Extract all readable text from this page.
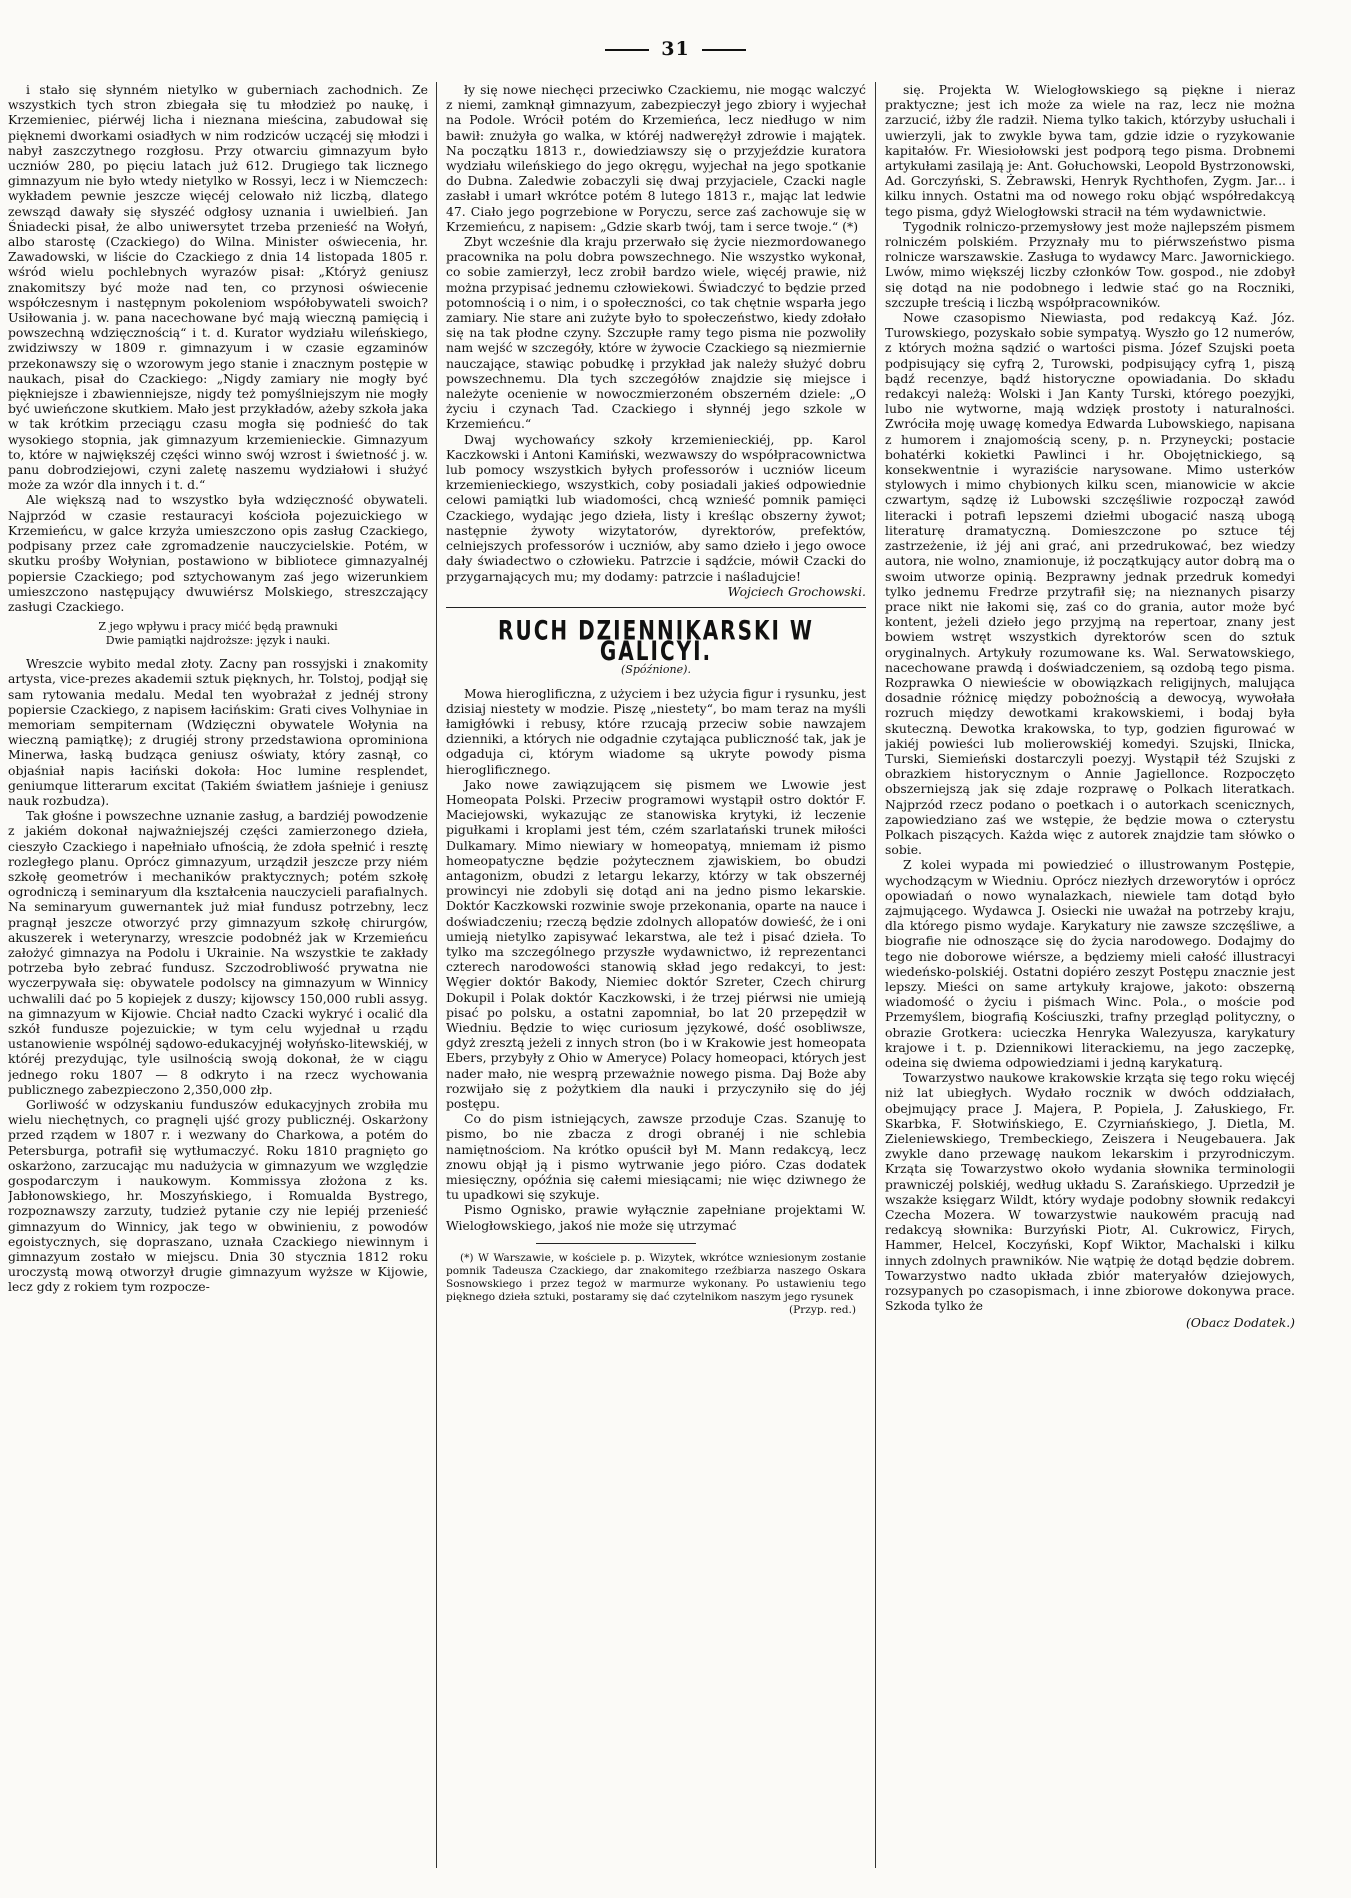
31

i stało się słynném nietylko w guberniach zachodnich. Ze wszystkich tych stron zbiegała się tu młodzież po naukę, i Krzemieniec, piérwéj licha i nieznana mieścina, zabudował się pięknemi dworkami osiadłych w nim rodziców uczącéj się młodzi i nabył zaszczytnego rozgłosu. Przy otwarciu gimnazyum było uczniów 280, po pięciu latach już 612. Drugiego tak licznego gimnazyum nie było wtedy nietylko w Rossyi, lecz i w Niemczech: wykładem pewnie jeszcze więcéj celowało niż liczbą, dlatego zewsząd dawały się słyszéć odgłosy uznania i uwielbień. Jan Śniadecki pisał, że albo uniwersytet trzeba przenieść na Wołyń, albo starostę (Czackiego) do Wilna. Minister oświecenia, hr. Zawadowski, w liście do Czackiego z dnia 14 listopada 1805 r. wśród wielu pochlebnych wyrazów pisał: „Któryż geniusz znakomitszy być może nad ten, co przynosi oświecenie współczesnym i następnym pokoleniom współobywateli swoich? Usiłowania j. w. pana nacechowane być mają wieczną pamięcią i powszechną wdzięcznością“ i t. d. Kurator wydziału wileńskiego, zwidziwszy w 1809 r. gimnazyum i w czasie egzaminów przekonawszy się o wzorowym jego stanie i znacznym postępie w naukach, pisał do Czackiego: „Nigdy zamiary nie mogły być piękniejsze i zbawienniejsze, nigdy też pomyślniejszym nie mogły być uwieńczone skutkiem. Mało jest przykładów, ażeby szkoła jaka w tak krótkim przeciągu czasu mogła się podnieść do tak wysokiego stopnia, jak gimnazyum krzemienieckie. Gimnazyum to, które w największéj części winno swój wzrost i świetność j. w. panu dobrodziejowi, czyni zaletę naszemu wydziałowi i służyć może za wzór dla innych i t. d.“

Ale większą nad to wszystko była wdzięczność obywateli. Najprzód w czasie restauracyi kościoła pojezuickiego w Krzemieńcu, w galce krzyża umieszczono opis zasług Czackiego, podpisany przez całe zgromadzenie nauczycielskie. Potém, w skutku prośby Wołynian, postawiono w bibliotece gimnazyalnéj popiersie Czackiego; pod sztychowanym zaś jego wizerunkiem umieszczono następujący dwuwiérsz Molskiego, streszczający zasługi Czackiego.

Z jego wpływu i pracy mićć będą prawnuki
Dwie pamiątki najdroższe: język i nauki.

Wreszcie wybito medal złoty. Zacny pan rossyjski i znakomity artysta, vice-prezes akademii sztuk pięknych, hr. Tolstoj, podjął się sam rytowania medalu. Medal ten wyobrażał z jednéj strony popiersie Czackiego, z napisem łacińskim: Grati cives Volhyniae in memoriam sempiternam (Wdzięczni obywatele Wołynia na wieczną pamiątkę); z drugiéj strony przedstawiona oprominiona Minerwa, łaską budząca geniusz oświaty, który zasnął, co objaśniał napis łaciński dokoła: Hoc lumine resplendet, geniumque litterarum excitat (Takiém światłem jaśnieje i geniusz nauk rozbudza).

Tak głośne i powszechne uznanie zasług, a bardziéj powodzenie z jakiém dokonał najważniejszéj części zamierzonego dzieła, cieszyło Czackiego i napełniało ufnością, że zdoła spełnić i resztę rozległego planu. Oprócz gimnazyum, urządził jeszcze przy niém szkołę geometrów i mechaników praktycznych; potém szkołę ogrodniczą i seminaryum dla kształcenia nauczycieli parafialnych. Na seminaryum guwernantek już miał fundusz potrzebny, lecz pragnął jeszcze otworzyć przy gimnazyum szkołę chirurgów, akuszerek i weterynarzy, wreszcie podobnéż jak w Krzemieńcu założyć gimnazya na Podolu i Ukrainie. Na wszystkie te zakłady potrzeba było zebrać fundusz. Szczodrobliwość prywatna nie wyczerpywała się: obywatele podolscy na gimnazyum w Winnicy uchwalili dać po 5 kopiejek z duszy; kijowscy 150,000 rubli assyg. na gimnazyum w Kijowie. Chciał nadto Czacki wykryć i ocalić dla szkół fundusze pojezuickie; w tym celu wyjednał u rządu ustanowienie wspólnéj sądowo-edukacyjnéj wołyńsko-litewskiéj, w któréj prezydując, tyle usilnością swoją dokonał, że w ciągu jednego roku 1807 — 8 odkryto i na rzecz wychowania publicznego zabezpieczono 2,350,000 złp.

Gorliwość w odzyskaniu funduszów edukacyjnych zrobiła mu wielu niechętnych, co pragnęli ujść grozy publicznéj. Oskarżony przed rządem w 1807 r. i wezwany do Charkowa, a potém do Petersburga, potrafił się wytłumaczyć. Roku 1810 pragnięto go oskarżono, zarzucając mu nadużycia w gimnazyum we względzie gospodarczym i naukowym. Kommissya złożona z ks. Jabłonowskiego, hr. Moszyńskiego, i Romualda Bystrego, rozpoznawszy zarzuty, tudzież pytanie czy nie lepiéj przenieść gimnazyum do Winnicy, jak tego w obwinieniu, z powodów egoistycznych, się dopraszano, uznała Czackiego niewinnym i gimnazyum zostało w miejscu. Dnia 30 stycznia 1812 roku uroczystą mową otworzył drugie gimnazyum wyższe w Kijowie, lecz gdy z rokiem tym rozpocze-

ły się nowe niechęci przeciwko Czackiemu, nie mogąc walczyć z niemi, zamknął gimnazyum, zabezpieczył jego zbiory i wyjechał na Podole. Wrócił potém do Krzemieńca, lecz niedługo w nim bawił: znużyła go walka, w któréj nadwerężył zdrowie i majątek. Na początku 1813 r., dowiedziawszy się o przyjeździe kuratora wydziału wileńskiego do jego okręgu, wyjechał na jego spotkanie do Dubna. Zaledwie zobaczyli się dwaj przyjaciele, Czacki nagle zasłabł i umarł wkrótce potém 8 lutego 1813 r., mając lat ledwie 47. Ciało jego pogrzebione w Poryczu, serce zaś zachowuje się w Krzemieńcu, z napisem: „Gdzie skarb twój, tam i serce twoje.“ (*)

Zbyt wcześnie dla kraju przerwało się życie niezmordowanego pracownika na polu dobra powszechnego. Nie wszystko wykonał, co sobie zamierzył, lecz zrobił bardzo wiele, więcéj prawie, niż można przypisać jednemu człowiekowi. Świadczyć to będzie przed potomnością i o nim, i o społeczności, co tak chętnie wsparła jego zamiary. Nie stare ani zużyte było to społeczeństwo, kiedy zdołało się na tak płodne czyny. Szczupłe ramy tego pisma nie pozwoliły nam wejść w szczegóły, które w żywocie Czackiego są niezmiernie nauczające, stawiąc pobudkę i przykład jak należy służyć dobru powszechnemu. Dla tych szczegółów znajdzie się miejsce i należyte ocenienie w nowoczmierzoném obszerném dziele: „O życiu i czynach Tad. Czackiego i słynnéj jego szkole w Krzemieńcu.“

Dwaj wychowańcy szkoły krzemienieckiéj, pp. Karol Kaczkowski i Antoni Kamiński, wezwawszy do współpracownictwa lub pomocy wszystkich byłych professorów i uczniów liceum krzemienieckiego, wszystkich, coby posiadali jakieś odpowiednie celowi pamiątki lub wiadomości, chcą wznieść pomnik pamięci Czackiego, wydając jego dzieła, listy i kreśląc obszerny żywot; następnie żywoty wizytatorów, dyrektorów, prefektów, celniejszych professorów i uczniów, aby samo dzieło i jego owoce dały świadectwo o człowieku. Patrzcie i sądźcie, mówił Czacki do przygarnających mu; my dodamy: patrzcie i naśladujcie!

Wojciech Grochowski.

RUCH DZIENNIKARSKI W GALICYI.
(Spóźnione).

Mowa hieroglificzna, z użyciem i bez użycia figur i rysunku, jest dzisiaj niestety w modzie. Piszę „niestety“, bo mam teraz na myśli łamigłówki i rebusy, które rzucają przeciw sobie nawzajem dzienniki, a których nie odgadnie czytająca publiczność tak, jak je odgaduja ci, którym wiadome są ukryte powody pisma hieroglificznego.

Jako nowe zawiązującem się pismem we Lwowie jest Homeopata Polski. Przeciw programowi wystąpił ostro doktór F. Maciejowski, wykazując ze stanowiska krytyki, iż leczenie pigułkami i kroplami jest tém, czém szarlatański trunek miłości Dulkamary. Mimo niewiary w homeopatyą, mniemam iż pismo homeopatyczne będzie pożytecznem zjawiskiem, bo obudzi antagonizm, obudzi z letargu lekarzy, którzy w tak obszernéj prowincyi nie zdobyli się dotąd ani na jedno pismo lekarskie. Doktór Kaczkowski rozwinie swoje przekonania, oparte na nauce i doświadczeniu; rzeczą będzie zdolnych allopatów dowieść, że i oni umieją nietylko zapisywać lekarstwa, ale też i pisać dzieła. To tylko ma szczególnego przyszłe wydawnictwo, iż reprezentanci czterech narodowości stanowią skład jego redakcyi, to jest: Węgier doktór Bakody, Niemiec doktór Szreter, Czech chirurg Dokupil i Polak doktór Kaczkowski, i że trzej piérwsi nie umieją pisać po polsku, a ostatni zapomniał, bo lat 20 przepędził w Wiedniu. Będzie to więc curiosum językowé, dość osobliwsze, gdyż zresztą jeżeli z innych stron (bo i w Krakowie jest homeopata Ebers, przybyły z Ohio w Ameryce) Polacy homeopaci, których jest nader mało, nie wesprą przeważnie nowego pisma. Daj Boże aby rozwijało się z pożytkiem dla nauki i przyczyniło się do jéj postępu.

Co do pism istniejących, zawsze przoduje Czas. Szanuję to pismo, bo nie zbacza z drogi obranéj i nie schlebia namiętnościom. Na krótko opuścił był M. Mann redakcyą, lecz znowu objął ją i pismo wytrwanie jego pióro. Czas dodatek miesięczny, opóźnia się całemi miesiącami; nie więc dziwnego że tu upadkowi się szykuje.

Pismo Ognisko, prawie wyłącznie zapełniane projektami W. Wielogłowskiego, jakoś nie może się utrzymać

(*) W Warszawie, w kościele p. p. Wizytek, wkrótce wzniesionym zostanie pomnik Tadeusza Czackiego, dar znakomitego rzeźbiarza naszego Oskara Sosnowskiego i przez tegoż w marmurze wykonany. Po ustawieniu tego pięknego dzieła sztuki, postaramy się dać czytelnikom naszym jego rysunek

(Przyp. red.)

się. Projekta W. Wielogłowskiego są piękne i nieraz praktyczne; jest ich może za wiele na raz, lecz nie można zarzucić, iżby źle radził. Niema tylko takich, którzyby usłuchali i uwierzyli, jak to zwykle bywa tam, gdzie idzie o ryzykowanie kapitałów. Fr. Wiesiołowski jest podporą tego pisma. Drobnemi artykułami zasilają je: Ant. Gołuchowski, Leopold Bystrzonowski, Ad. Gorczyński, S. Żebrawski, Henryk Rychthofen, Zygm. Jar... i kilku innych. Ostatni ma od nowego roku objąć współredakcyą tego pisma, gdyż Wielogłowski stracił na tém wydawnictwie.

Tygodnik rolniczo-przemysłowy jest może najlepszém pismem rolniczém polskiém. Przyznały mu to piérwszeństwo pisma rolnicze warszawskie. Zasługa to wydawcy Marc. Jawornickiego. Lwów, mimo większéj liczby członków Tow. gospod., nie zdobył się dotąd na nie podobnego i ledwie stać go na Roczniki, szczupłe treścią i liczbą współpracowników.

Nowe czasopismo Niewiasta, pod redakcyą Kaź. Józ. Turowskiego, pozyskało sobie sympatyą. Wyszło go 12 numerów, z których można sądzić o wartości pisma. Józef Szujski poeta podpisujący się cyfrą 2, Turowski, podpisujący cyfrą 1, piszą bądź recenzye, bądź historyczne opowiadania. Do składu redakcyi należą: Wolski i Jan Kanty Turski, którego poezyjki, lubo nie wytworne, mają wdzięk prostoty i naturalności. Zwróciła moję uwagę komedya Edwarda Lubowskiego, napisana z humorem i znajomością sceny, p. n. Przyneycki; postacie bohatérki kokietki Pawlinci i hr. Obojętnickiego, są konsekwentnie i wyraziście narysowane. Mimo usterków stylowych i mimo chybionych kilku scen, mianowicie w akcie czwartym, sądzę iż Lubowski szczęśliwie rozpoczął zawód literacki i potrafi lepszemi dziełmi ubogacić naszą ubogą literaturę dramatyczną. Domieszczone po sztuce téj zastrzeżenie, iż jéj ani grać, ani przedrukować, bez wiedzy autora, nie wolno, znamionuje, iż początkujący autor dobrą ma o swoim utworze opinią. Bezprawny jednak przedruk komedyi tylko jednemu Fredrze przytrafił się; na nieznanych pisarzy prace nikt nie łakomi się, zaś co do grania, autor może być kontent, jeżeli dzieło jego przyjmą na repertoar, znany jest bowiem wstręt wszystkich dyrektorów scen do sztuk oryginalnych. Artykuły rozumowane ks. Wal. Serwatowskiego, nacechowane prawdą i doświadczeniem, są ozdobą tego pisma. Rozprawka O niewieście w obowiązkach religijnych, malująca dosadnie różnicę między pobożnością a dewocyą, wywołała rozruch między dewotkami krakowskiemi, i bodaj była skuteczną. Dewotka krakowska, to typ, godzien figurować w jakiéj powieści lub molierowskiéj komedyi. Szujski, Ilnicka, Turski, Siemieński dostarczyli poezyj. Wystąpił téż Szujski z obrazkiem historycznym o Annie Jagiellonce. Rozpoczęto obszerniejszą jak się zdaje rozprawę o Polkach literatkach. Najprzód rzecz podano o poetkach i o autorkach scenicznych, zapowiedziano zaś we wstępie, że będzie mowa o czterystu Polkach piszących. Każda więc z autorek znajdzie tam słówko o sobie.

Z kolei wypada mi powiedzieć o illustrowanym Postępie, wychodzącym w Wiedniu. Oprócz niezłych drzeworytów i oprócz opowiadań o nowo wynalazkach, niewiele tam dotąd było zajmującego. Wydawca J. Osiecki nie uważał na potrzeby kraju, dla którego pismo wydaje. Karykatury nie zawsze szczęśliwe, a biografie nie odnoszące się do życia narodowego. Dodajmy do tego nie doborowe wiérsze, a będziemy mieli całość illustracyi wiedeńsko-polskiéj. Ostatni dopiéro zeszyt Postępu znacznie jest lepszy. Mieści on same artykuły krajowe, jakoto: obszerną wiadomość o życiu i piśmach Winc. Pola., o moście pod Przemyślem, biografią Kościuszki, trafny przegląd polityczny, o obrazie Grotkera: ucieczka Henryka Walezyusza, karykatury krajowe i t. p. Dziennikowi literackiemu, na jego zaczepkę, odeina się dwiema odpowiedziami i jedną karykaturą.

Towarzystwo naukowe krakowskie krząta się tego roku więcéj niż lat ubiegłych. Wydało rocznik w dwóch oddziałach, obejmujący prace J. Majera, P. Popiela, J. Załuskiego, Fr. Skarbka, F. Słotwińskiego, E. Czyrniańskiego, J. Dietla, M. Zieleniewskiego, Trembeckiego, Zeiszera i Neugebauera. Jak zwykle dano przewagę naukom lekarskim i przyrodniczym. Krząta się Towarzystwo około wydania słownika terminologii prawniczéj polskiéj, według układu S. Zarańskiego. Uprzedził je wszakże księgarz Wildt, który wydaje podobny słownik redakcyi Czecha Mozera. W towarzystwie naukowém pracują nad redakcyą słownika: Burzyński Piotr, Al. Cukrowicz, Firych, Hammer, Helcel, Koczyński, Kopf Wiktor, Machalski i kilku innych zdolnych prawników. Nie wątpię że dotąd będzie dobrem. Towarzystwo nadto układa zbiór materyałów dziejowych, rozsypanych po czasopismach, i inne zbiorowe dokonywa prace. Szkoda tylko że

(Obacz Dodatek.)
